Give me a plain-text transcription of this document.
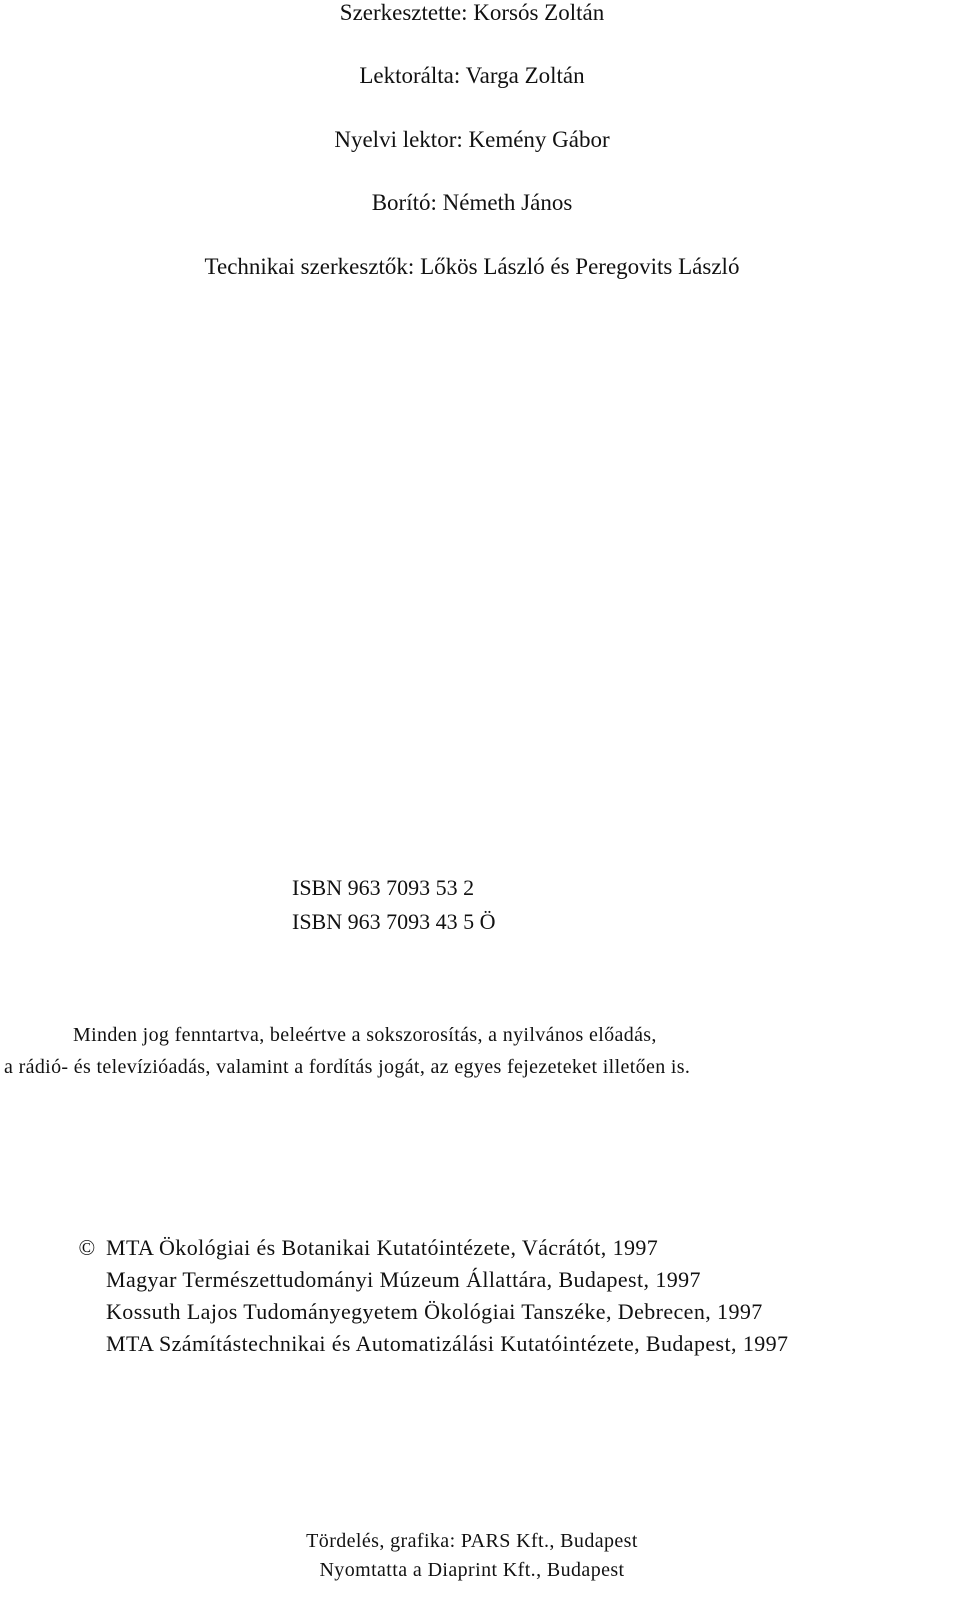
Szerkesztette: Korsós Zoltán
Lektorálta: Varga Zoltán
Nyelvi lektor: Kemény Gábor
Borító: Németh János
Technikai szerkesztők: Lőkös László és Peregovits László
ISBN 963 7093 53 2
ISBN 963 7093 43 5 Ö
Minden jog fenntartva, beleértve a sokszorosítás, a nyilvános előadás,
a rádió- és televízióadás, valamint a fordítás jogát, az egyes fejezeteket illetően is.
© MTA Ökológiai és Botanikai Kutatóintézete, Vácrátót, 1997
Magyar Természettudományi Múzeum Állattára, Budapest, 1997
Kossuth Lajos Tudományegyetem Ökológiai Tanszéke, Debrecen, 1997
MTA Számítástechnikai és Automatizálási Kutatóintézete, Budapest, 1997
Tördelés, grafika: PARS Kft., Budapest
Nyomtatta a Diaprint Kft., Budapest
